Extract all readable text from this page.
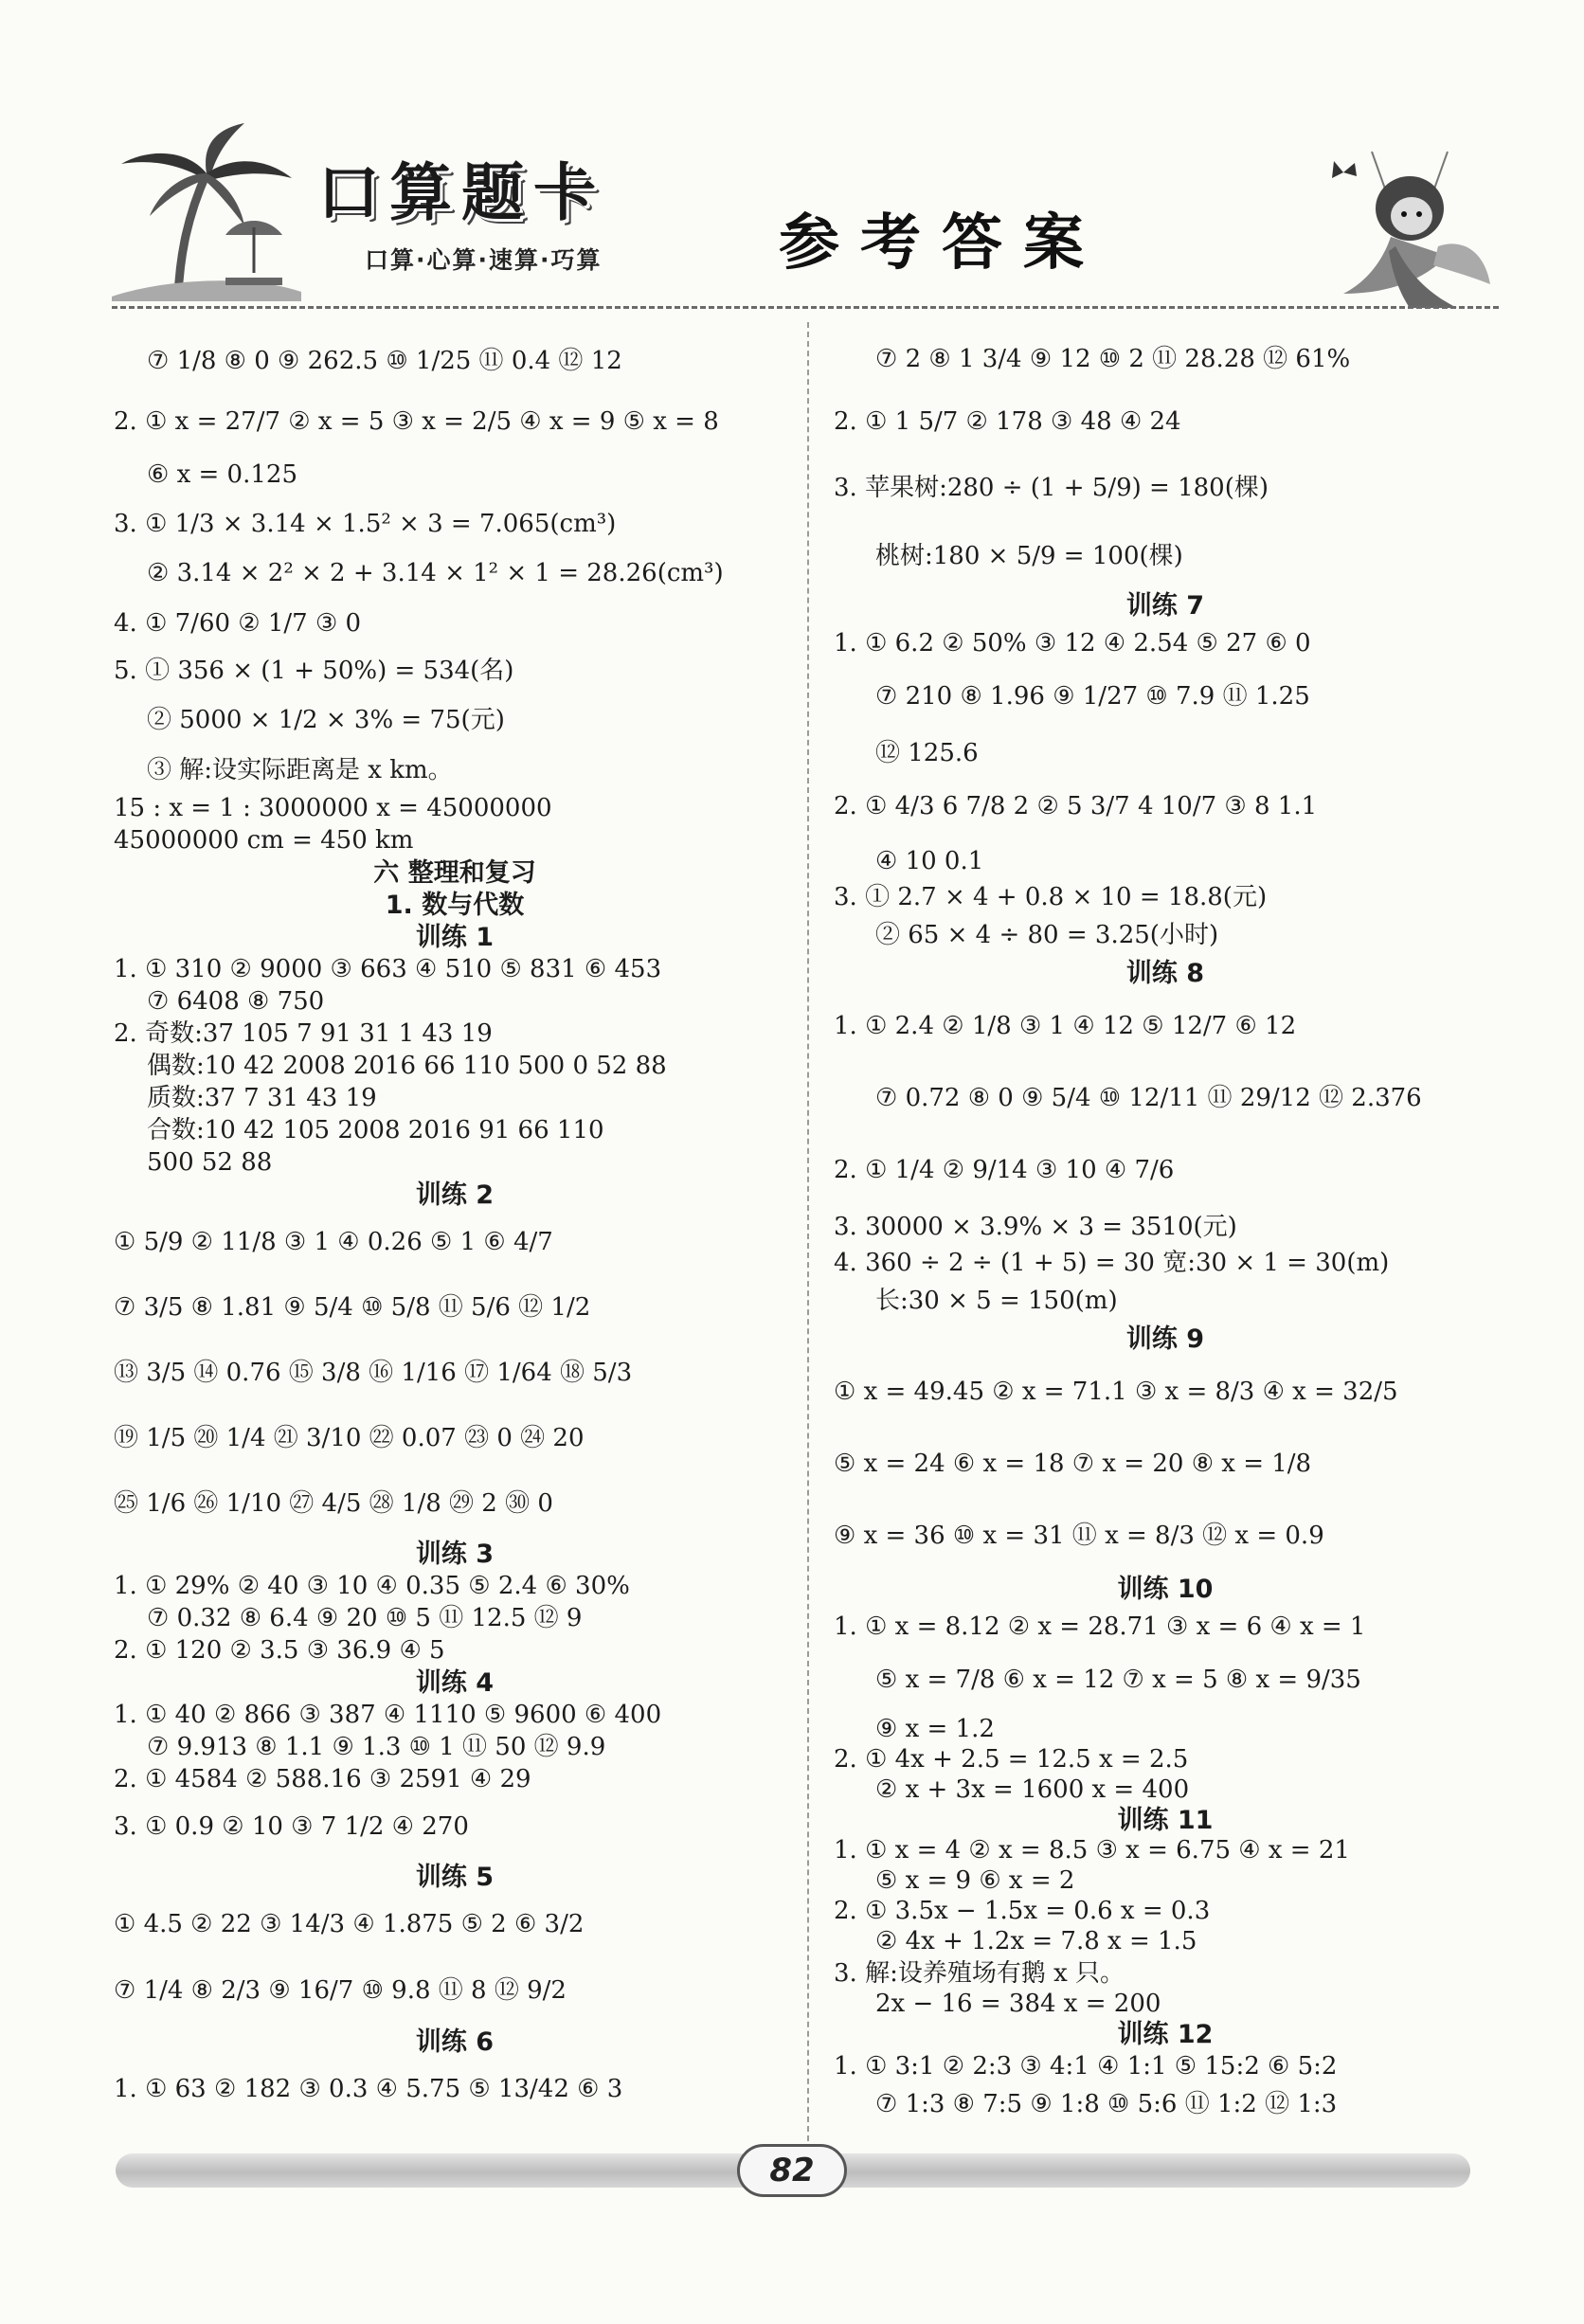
口算题卡
口算·心算·速算·巧算	参考答案
⑦ 1/8 ⑧ 0 ⑨ 262.5 ⑩ 1/25 ⑪ 0.4 ⑫ 12
2. ① x = 27/7 ② x = 5 ③ x = 2/5 ④ x = 9 ⑤ x = 8
⑥ x = 0.125
3. ① 1/3 × 3.14 × 1.5² × 3 = 7.065(cm³)
② 3.14 × 2² × 2 + 3.14 × 1² × 1 = 28.26(cm³)
4. ① 7/60 ② 1/7 ③ 0
5. ① 356 × (1 + 50%) = 534(名)
② 5000 × 1/2 × 3% = 75(元)
③ 解:设实际距离是 x km。
15 : x = 1 : 3000000 x = 45000000
45000000 cm = 450 km
六 整理和复习
1. 数与代数
训练 1
1. ① 310 ② 9000 ③ 663 ④ 510 ⑤ 831 ⑥ 453
⑦ 6408 ⑧ 750
2. 奇数:37 105 7 91 31 1 43 19
偶数:10 42 2008 2016 66 110 500 0 52 88
质数:37 7 31 43 19
合数:10 42 105 2008 2016 91 66 110
500 52 88
训练 2
① 5/9 ② 11/8 ③ 1 ④ 0.26 ⑤ 1 ⑥ 4/7
⑦ 3/5 ⑧ 1.81 ⑨ 5/4 ⑩ 5/8 ⑪ 5/6 ⑫ 1/2
⑬ 3/5 ⑭ 0.76 ⑮ 3/8 ⑯ 1/16 ⑰ 1/64 ⑱ 5/3
⑲ 1/5 ⑳ 1/4 ㉑ 3/10 ㉒ 0.07 ㉓ 0 ㉔ 20
㉕ 1/6 ㉖ 1/10 ㉗ 4/5 ㉘ 1/8 ㉙ 2 ㉚ 0
训练 3
1. ① 29% ② 40 ③ 10 ④ 0.35 ⑤ 2.4 ⑥ 30%
⑦ 0.32 ⑧ 6.4 ⑨ 20 ⑩ 5 ⑪ 12.5 ⑫ 9
2. ① 120 ② 3.5 ③ 36.9 ④ 5
训练 4
1. ① 40 ② 866 ③ 387 ④ 1110 ⑤ 9600 ⑥ 400
⑦ 9.913 ⑧ 1.1 ⑨ 1.3 ⑩ 1 ⑪ 50 ⑫ 9.9
2. ① 4584 ② 588.16 ③ 2591 ④ 29
3. ① 0.9 ② 10 ③ 7 1/2 ④ 270
训练 5
① 4.5 ② 22 ③ 14/3 ④ 1.875 ⑤ 2 ⑥ 3/2
⑦ 1/4 ⑧ 2/3 ⑨ 16/7 ⑩ 9.8 ⑪ 8 ⑫ 9/2
训练 6
1. ① 63 ② 182 ③ 0.3 ④ 5.75 ⑤ 13/42 ⑥ 3
⑦ 2 ⑧ 1 3/4 ⑨ 12 ⑩ 2 ⑪ 28.28 ⑫ 61%
2. ① 1 5/7 ② 178 ③ 48 ④ 24
3. 苹果树:280 ÷ (1 + 5/9) = 180(棵)
桃树:180 × 5/9 = 100(棵)
训练 7
1. ① 6.2 ② 50% ③ 12 ④ 2.54 ⑤ 27 ⑥ 0
⑦ 210 ⑧ 1.96 ⑨ 1/27 ⑩ 7.9 ⑪ 1.25
⑫ 125.6
2. ① 4/3 6 7/8 2 ② 5 3/7 4 10/7 ③ 8 1.1
④ 10 0.1
3. ① 2.7 × 4 + 0.8 × 10 = 18.8(元)
② 65 × 4 ÷ 80 = 3.25(小时)
训练 8
1. ① 2.4 ② 1/8 ③ 1 ④ 12 ⑤ 12/7 ⑥ 12
⑦ 0.72 ⑧ 0 ⑨ 5/4 ⑩ 12/11 ⑪ 29/12 ⑫ 2.376
2. ① 1/4 ② 9/14 ③ 10 ④ 7/6
3. 30000 × 3.9% × 3 = 3510(元)
4. 360 ÷ 2 ÷ (1 + 5) = 30 宽:30 × 1 = 30(m)
长:30 × 5 = 150(m)
训练 9
① x = 49.45 ② x = 71.1 ③ x = 8/3 ④ x = 32/5
⑤ x = 24 ⑥ x = 18 ⑦ x = 20 ⑧ x = 1/8
⑨ x = 36 ⑩ x = 31 ⑪ x = 8/3 ⑫ x = 0.9
训练 10
1. ① x = 8.12 ② x = 28.71 ③ x = 6 ④ x = 1
⑤ x = 7/8 ⑥ x = 12 ⑦ x = 5 ⑧ x = 9/35
⑨ x = 1.2
2. ① 4x + 2.5 = 12.5 x = 2.5
② x + 3x = 1600 x = 400
训练 11
1. ① x = 4 ② x = 8.5 ③ x = 6.75 ④ x = 21
⑤ x = 9 ⑥ x = 2
2. ① 3.5x − 1.5x = 0.6 x = 0.3
② 4x + 1.2x = 7.8 x = 1.5
3. 解:设养殖场有鹅 x 只。
2x − 16 = 384 x = 200
训练 12
1. ① 3:1 ② 2:3 ③ 4:1 ④ 1:1 ⑤ 15:2 ⑥ 5:2
⑦ 1:3 ⑧ 7:5 ⑨ 1:8 ⑩ 5:6 ⑪ 1:2 ⑫ 1:3
82
